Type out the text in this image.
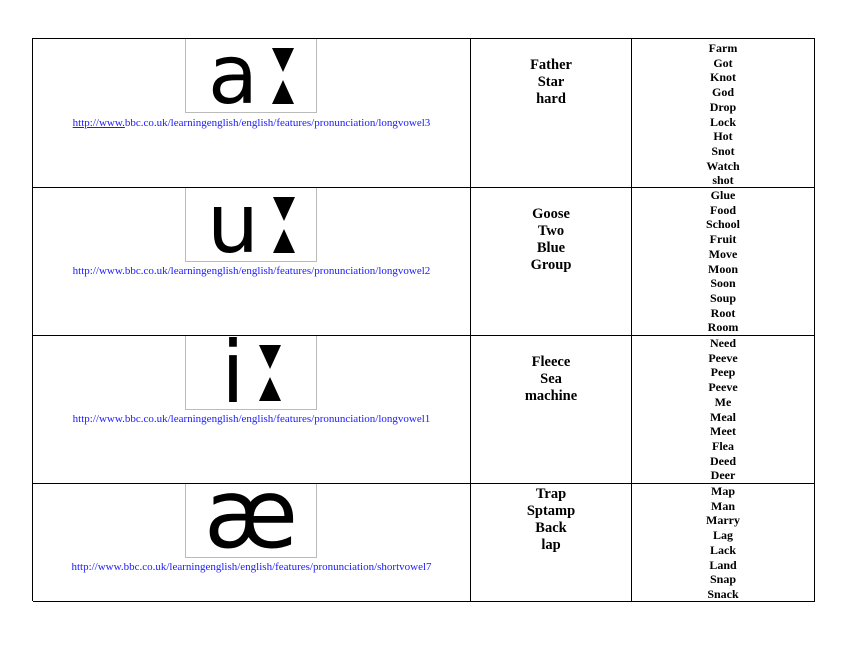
a
http://www.bbc.co.uk/learningenglish/english/features/pronunciation/longvowel3
Father
Star
hard
Farm
Got
Knot
God
Drop
Lock
Hot
Snot
Watch
shot
u
http://www.bbc.co.uk/learningenglish/english/features/pronunciation/longvowel2
Goose
Two
Blue
Group
Glue
Food
School
Fruit
Move
Moon
Soon
Soup
Root
Room
i
http://www.bbc.co.uk/learningenglish/english/features/pronunciation/longvowel1
Fleece
Sea
machine
Need
Peeve
Peep
Peeve
Me
Meal
Meet
Flea
Deed
Deer
æ
http://www.bbc.co.uk/learningenglish/english/features/pronunciation/shortvowel7
Trap
Sptamp
Back
lap
Map
Man
Marry
Lag
Lack
Land
Snap
Snack
